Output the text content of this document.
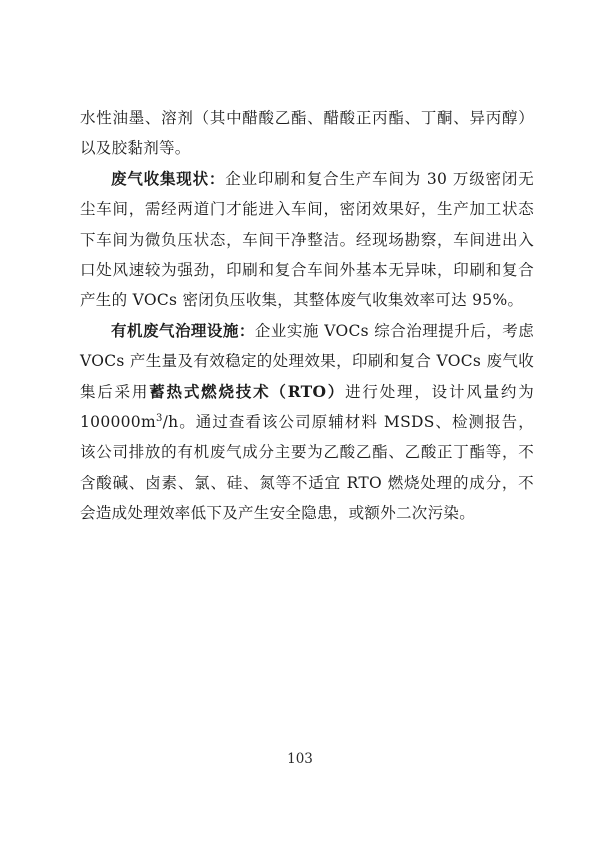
水性油墨、溶剂（其中醋酸乙酯、醋酸正丙酯、丁酮、异丙醇）以及胶黏剂等。

废气收集现状：企业印刷和复合生产车间为 30 万级密闭无尘车间，需经两道门才能进入车间，密闭效果好，生产加工状态下车间为微负压状态，车间干净整洁。经现场勘察，车间进出入口处风速较为强劲，印刷和复合车间外基本无异味，印刷和复合产生的 VOCs 密闭负压收集，其整体废气收集效率可达 95%。

有机废气治理设施：企业实施 VOCs 综合治理提升后，考虑 VOCs 产生量及有效稳定的处理效果，印刷和复合 VOCs 废气收集后采用蓄热式燃烧技术（RTO）进行处理，设计风量约为 $100000m^3/h$。通过查看该公司原辅材料 MSDS、检测报告，该公司排放的有机废气成分主要为乙酸乙酯、乙酸正丁酯等，不含酸碱、卤素、氯、硅、氮等不适宜 RTO 燃烧处理的成分，不会造成处理效率低下及产生安全隐患，或额外二次污染。

103
